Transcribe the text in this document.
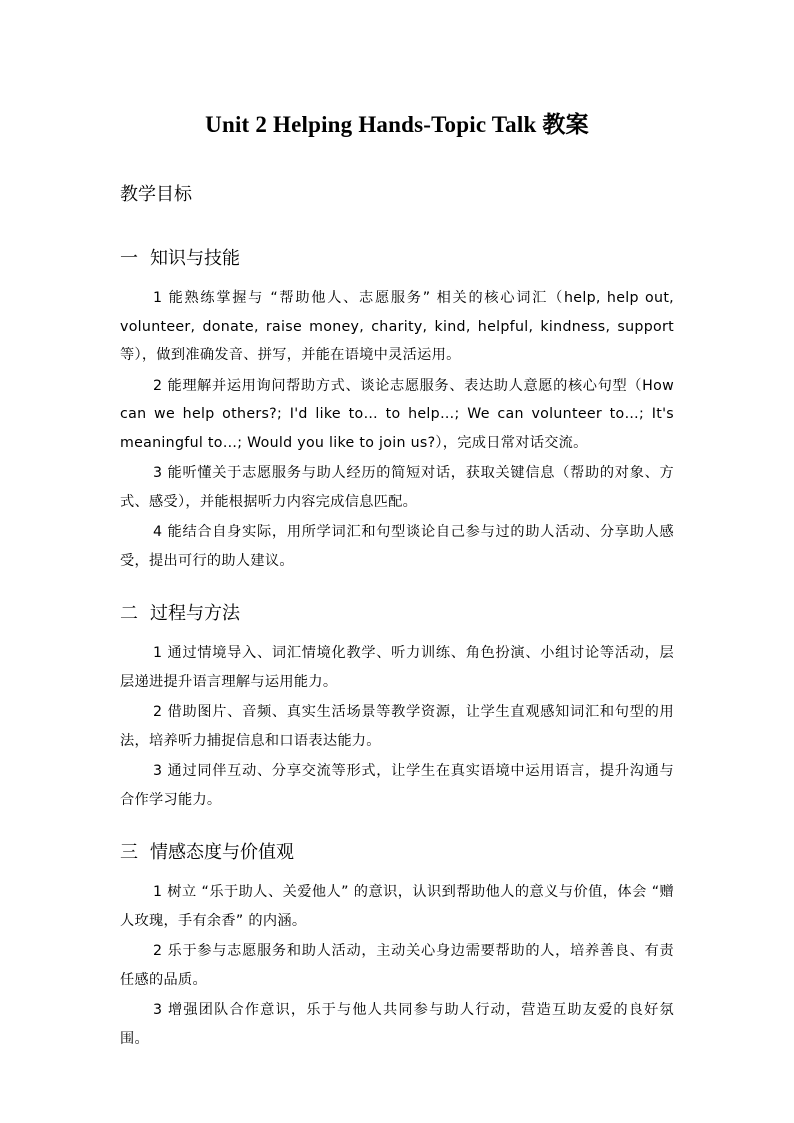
Unit 2 Helping Hands-Topic Talk 教案
教学目标
一 知识与技能

1 能熟练掌握与 “帮助他人、志愿服务” 相关的核心词汇（help, help out, volunteer, donate, raise money, charity, kind, helpful, kindness, support 等），做到准确发音、拼写，并能在语境中灵活运用。

2 能理解并运用询问帮助方式、谈论志愿服务、表达助人意愿的核心句型（How can we help others?; I'd like to… to help…; We can volunteer to…; It's meaningful to…; Would you like to join us?），完成日常对话交流。

3 能听懂关于志愿服务与助人经历的简短对话，获取关键信息（帮助的对象、方式、感受），并能根据听力内容完成信息匹配。

4 能结合自身实际，用所学词汇和句型谈论自己参与过的助人活动、分享助人感受，提出可行的助人建议。

二 过程与方法

1 通过情境导入、词汇情境化教学、听力训练、角色扮演、小组讨论等活动，层层递进提升语言理解与运用能力。

2 借助图片、音频、真实生活场景等教学资源，让学生直观感知词汇和句型的用法，培养听力捕捉信息和口语表达能力。

3 通过同伴互动、分享交流等形式，让学生在真实语境中运用语言，提升沟通与合作学习能力。

三 情感态度与价值观

1 树立 “乐于助人、关爱他人” 的意识，认识到帮助他人的意义与价值，体会 “赠人玫瑰，手有余香” 的内涵。

2 乐于参与志愿服务和助人活动，主动关心身边需要帮助的人，培养善良、有责任感的品质。

3 增强团队合作意识，乐于与他人共同参与助人行动，营造互助友爱的良好氛围。
